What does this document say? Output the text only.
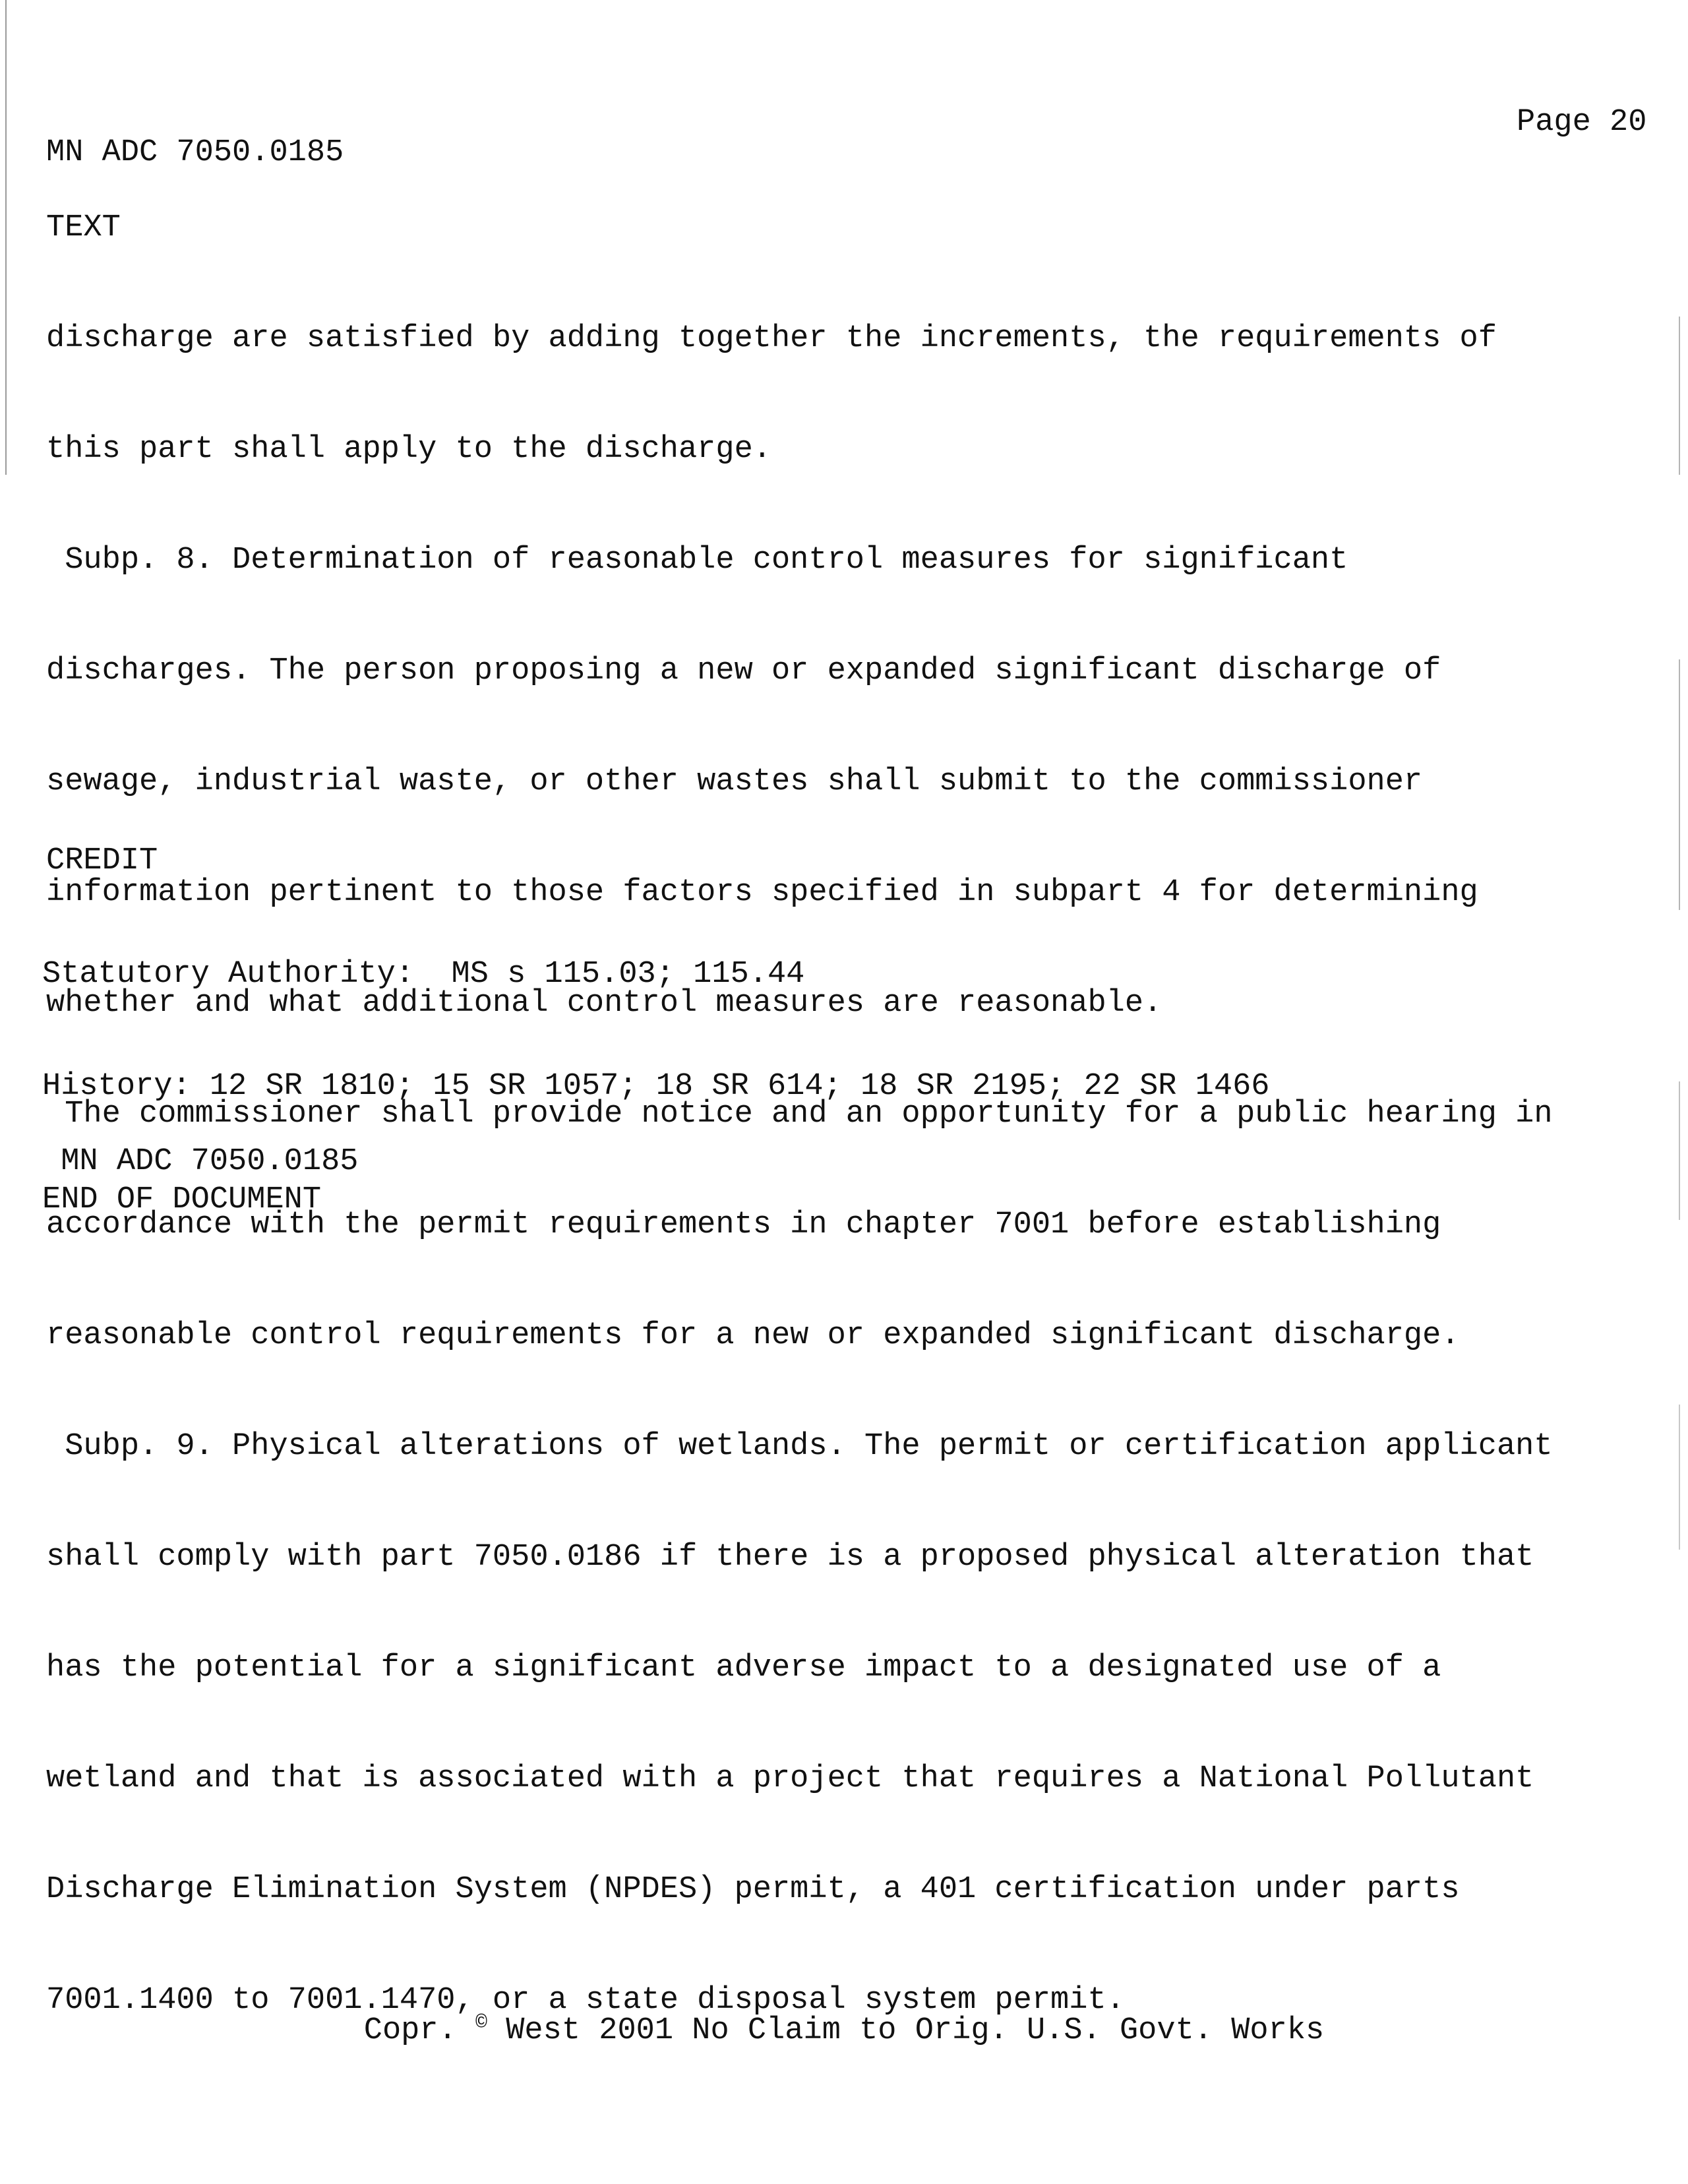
Page 20
MN ADC 7050.0185
TEXT

discharge are satisfied by adding together the increments, the requirements of

this part shall apply to the discharge.

Subp. 8. Determination of reasonable control measures for significant

discharges. The person proposing a new or expanded significant discharge of

sewage, industrial waste, or other wastes shall submit to the commissioner

information pertinent to those factors specified in subpart 4 for determining

whether and what additional control measures are reasonable.

The commissioner shall provide notice and an opportunity for a public hearing in

accordance with the permit requirements in chapter 7001 before establishing

reasonable control requirements for a new or expanded significant discharge.

Subp. 9. Physical alterations of wetlands. The permit or certification applicant

shall comply with part 7050.0186 if there is a proposed physical alteration that

has the potential for a significant adverse impact to a designated use of a

wetland and that is associated with a project that requires a National Pollutant

Discharge Elimination System (NPDES) permit, a 401 certification under parts

7001.1400 to 7001.1470, or a state disposal system permit.

CREDIT
Statutory Authority:  MS s 115.03; 115.44
History: 12 SR 1810; 15 SR 1057; 18 SR 614; 18 SR 2195; 22 SR 1466
MN ADC 7050.0185
END OF DOCUMENT
Copr. © West 2001 No Claim to Orig. U.S. Govt. Works
